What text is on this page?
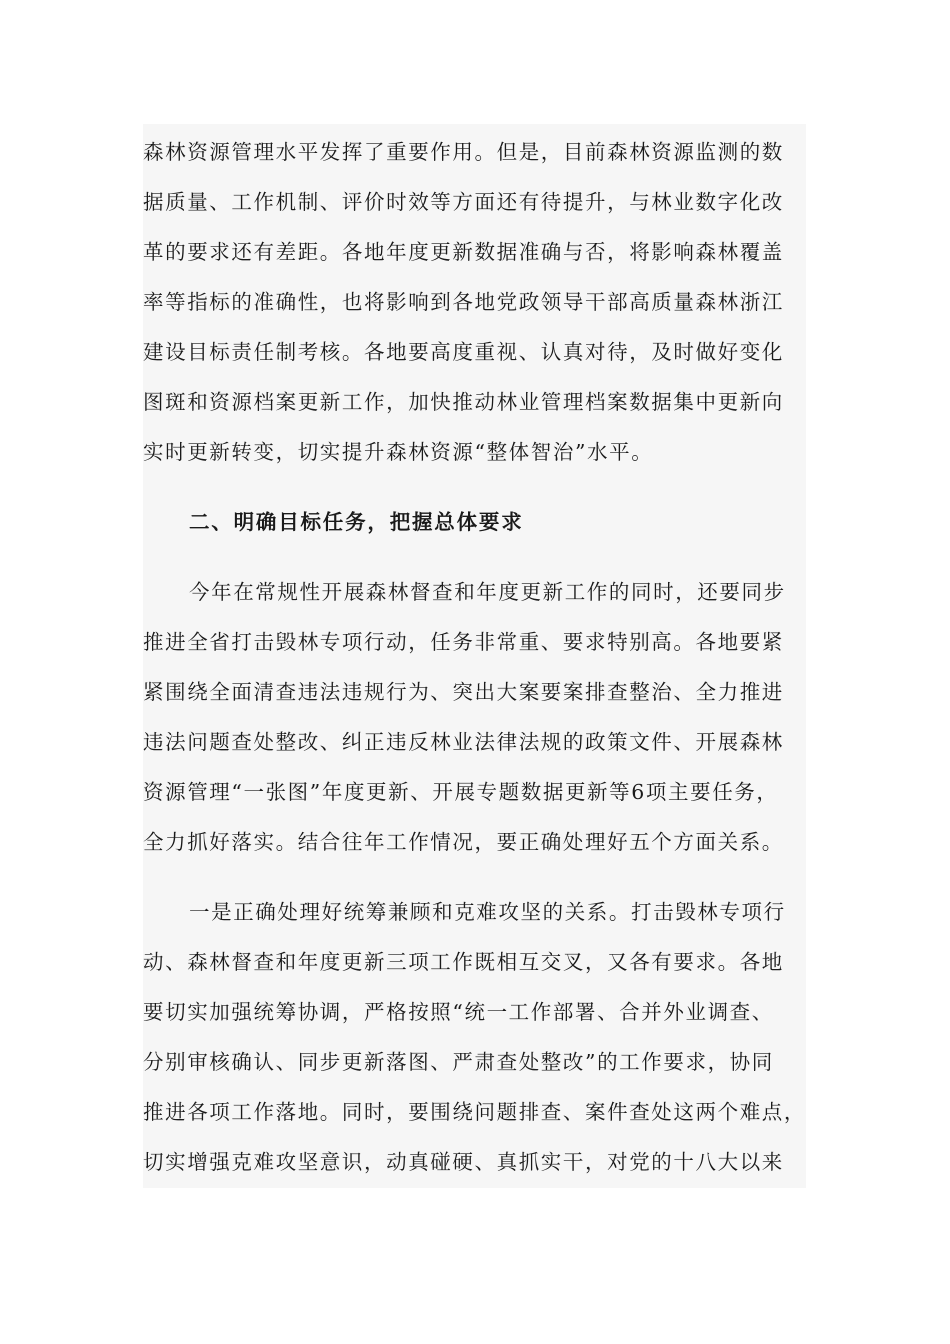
森林资源管理水平发挥了重要作用。但是，目前森林资源监测的数
据质量、工作机制、评价时效等方面还有待提升，与林业数字化改
革的要求还有差距。各地年度更新数据准确与否，将影响森林覆盖
率等指标的准确性，也将影响到各地党政领导干部高质量森林浙江
建设目标责任制考核。各地要高度重视、认真对待，及时做好变化
图斑和资源档案更新工作，加快推动林业管理档案数据集中更新向
实时更新转变，切实提升森林资源“整体智治”水平。
二、明确目标任务，把握总体要求
今年在常规性开展森林督查和年度更新工作的同时，还要同步
推进全省打击毁林专项行动，任务非常重、要求特别高。各地要紧
紧围绕全面清查违法违规行为、突出大案要案排查整治、全力推进
违法问题查处整改、纠正违反林业法律法规的政策文件、开展森林
资源管理“一张图”年度更新、开展专题数据更新等6项主要任务，
全力抓好落实。结合往年工作情况，要正确处理好五个方面关系。
一是正确处理好统筹兼顾和克难攻坚的关系。打击毁林专项行
动、森林督查和年度更新三项工作既相互交叉，又各有要求。各地
要切实加强统筹协调，严格按照“统一工作部署、合并外业调查、
分别审核确认、同步更新落图、严肃查处整改”的工作要求，协同
推进各项工作落地。同时，要围绕问题排查、案件查处这两个难点，
切实增强克难攻坚意识，动真碰硬、真抓实干，对党的十八大以来
